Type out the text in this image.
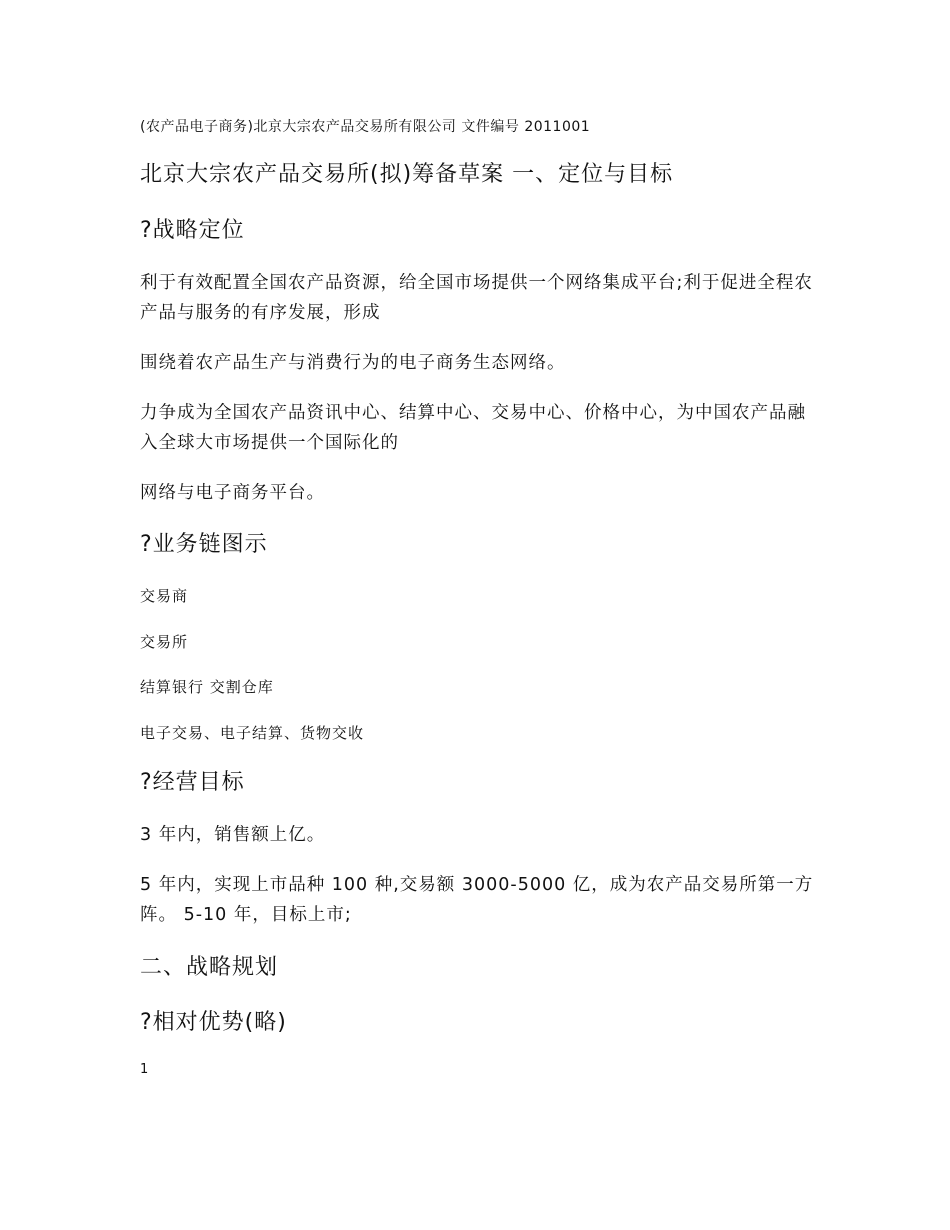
(农产品电子商务)北京大宗农产品交易所有限公司 文件编号 2011001
北京大宗农产品交易所(拟)筹备草案 一、定位与目标
?战略定位

利于有效配置全国农产品资源，给全国市场提供一个网络集成平台;利于促进全程农产品与服务的有序发展，形成

围绕着农产品生产与消费行为的电子商务生态网络。

力争成为全国农产品资讯中心、结算中心、交易中心、价格中心，为中国农产品融入全球大市场提供一个国际化的

网络与电子商务平台。

?业务链图示
交易商
交易所
结算银行 交割仓库
电子交易、电子结算、货物交收
?经营目标

3 年内，销售额上亿。

5 年内，实现上市品种 100 种,交易额 3000-5000 亿，成为农产品交易所第一方阵。 5-10 年，目标上市;

二、战略规划
?相对优势(略)
1
